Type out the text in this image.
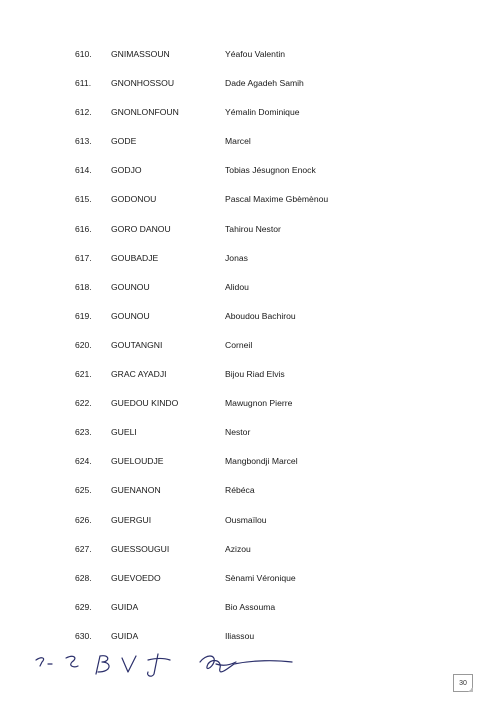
610.	GNIMASSOUN	Yéafou Valentin
611.	GNONHOSSOU	Dade Agadeh Samih
612.	GNONLONFOUN	Yémalin Dominique
613.	GODE	Marcel
614.	GODJO	Tobias Jésugnon Enock
615.	GODONOU	Pascal Maxime Gbèmènou
616.	GORO DANOU	Tahirou Nestor
617.	GOUBADJE	Jonas
618.	GOUNOU	Alidou
619.	GOUNOU	Aboudou Bachirou
620.	GOUTANGNI	Corneil
621.	GRAC AYADJI	Bijou Riad Elvis
622.	GUEDOU KINDO	Mawugnon Pierre
623.	GUELI	Nestor
624.	GUELOUDJE	Mangbondji Marcel
625.	GUENANON	Rébéca
626.	GUERGUI	Ousmaïlou
627.	GUESSOUGUI	Azizou
628.	GUEVOEDO	Sènami Véronique
629.	GUIDA	Bio Assouma
630.	GUIDA	Iliassou
30
